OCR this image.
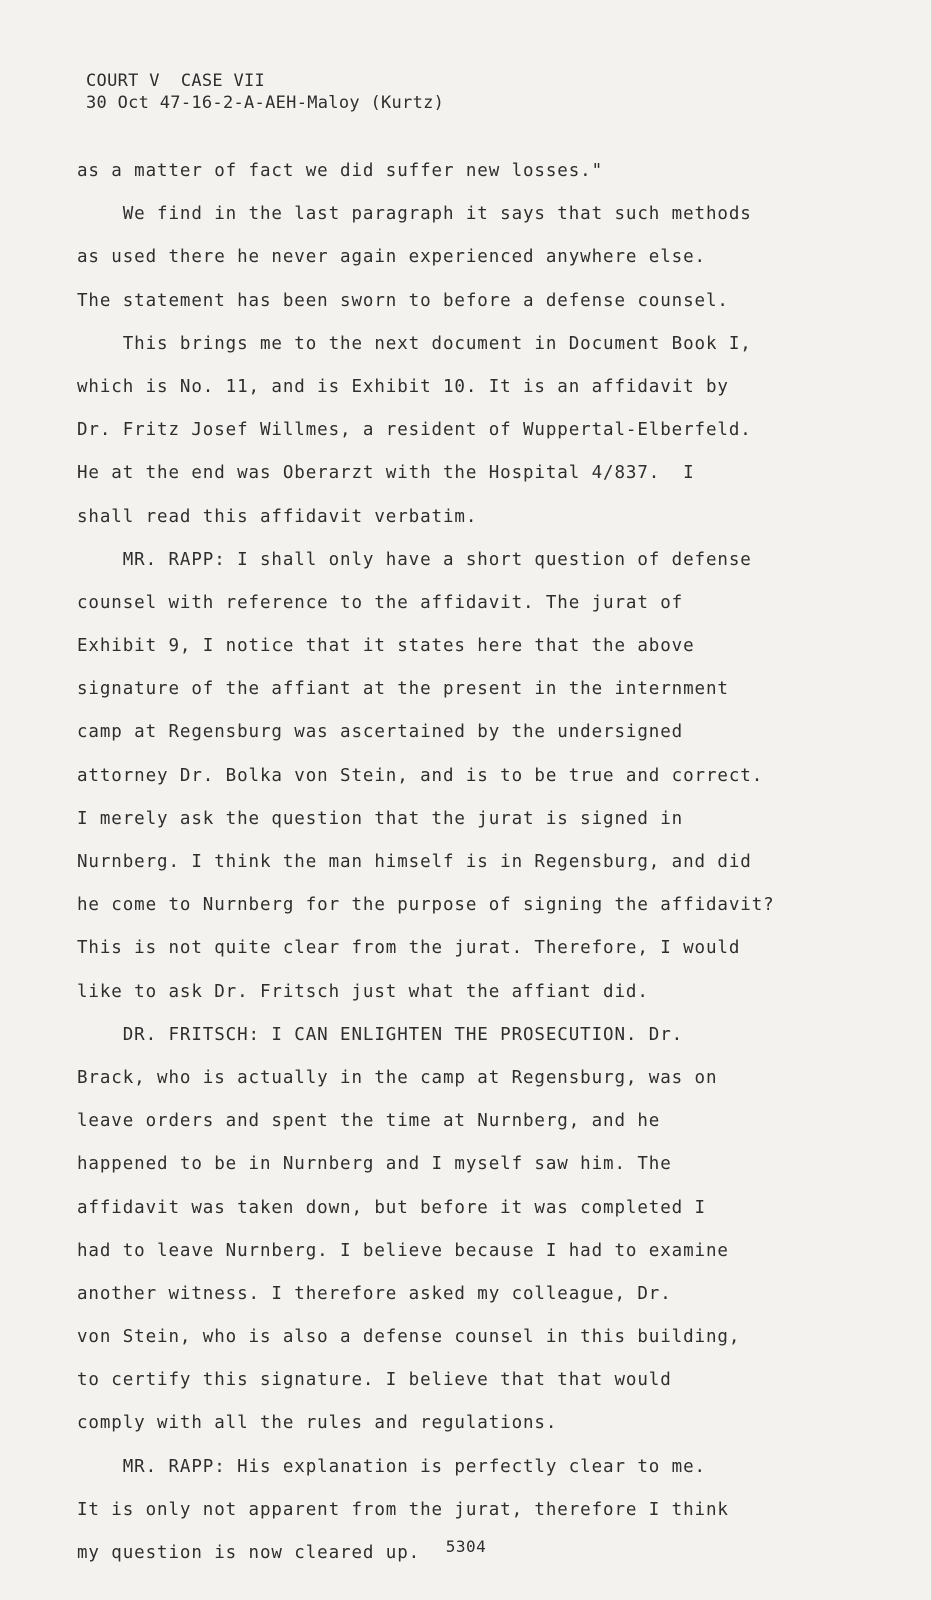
COURT V  CASE VII
30 Oct 47-16-2-A-AEH-Maloy (Kurtz)
as a matter of fact we did suffer new losses."
We find in the last paragraph it says that such methods
as used there he never again experienced anywhere else.
The statement has been sworn to before a defense counsel.
This brings me to the next document in Document Book I,
which is No. 11, and is Exhibit 10. It is an affidavit by
Dr. Fritz Josef Willmes, a resident of Wuppertal-Elberfeld.
He at the end was Oberarzt with the Hospital 4/837.  I
shall read this affidavit verbatim.
MR. RAPP: I shall only have a short question of defense
counsel with reference to the affidavit. The jurat of
Exhibit 9, I notice that it states here that the above
signature of the affiant at the present in the internment
camp at Regensburg was ascertained by the undersigned
attorney Dr. Bolka von Stein, and is to be true and correct.
I merely ask the question that the jurat is signed in
Nurnberg. I think the man himself is in Regensburg, and did
he come to Nurnberg for the purpose of signing the affidavit?
This is not quite clear from the jurat. Therefore, I would
like to ask Dr. Fritsch just what the affiant did.
DR. FRITSCH: I CAN ENLIGHTEN THE PROSECUTION. Dr.
Brack, who is actually in the camp at Regensburg, was on
leave orders and spent the time at Nurnberg, and he
happened to be in Nurnberg and I myself saw him. The
affidavit was taken down, but before it was completed I
had to leave Nurnberg. I believe because I had to examine
another witness. I therefore asked my colleague, Dr.
von Stein, who is also a defense counsel in this building,
to certify this signature. I believe that that would
comply with all the rules and regulations.
MR. RAPP: His explanation is perfectly clear to me.
It is only not apparent from the jurat, therefore I think
my question is now cleared up.	5304
